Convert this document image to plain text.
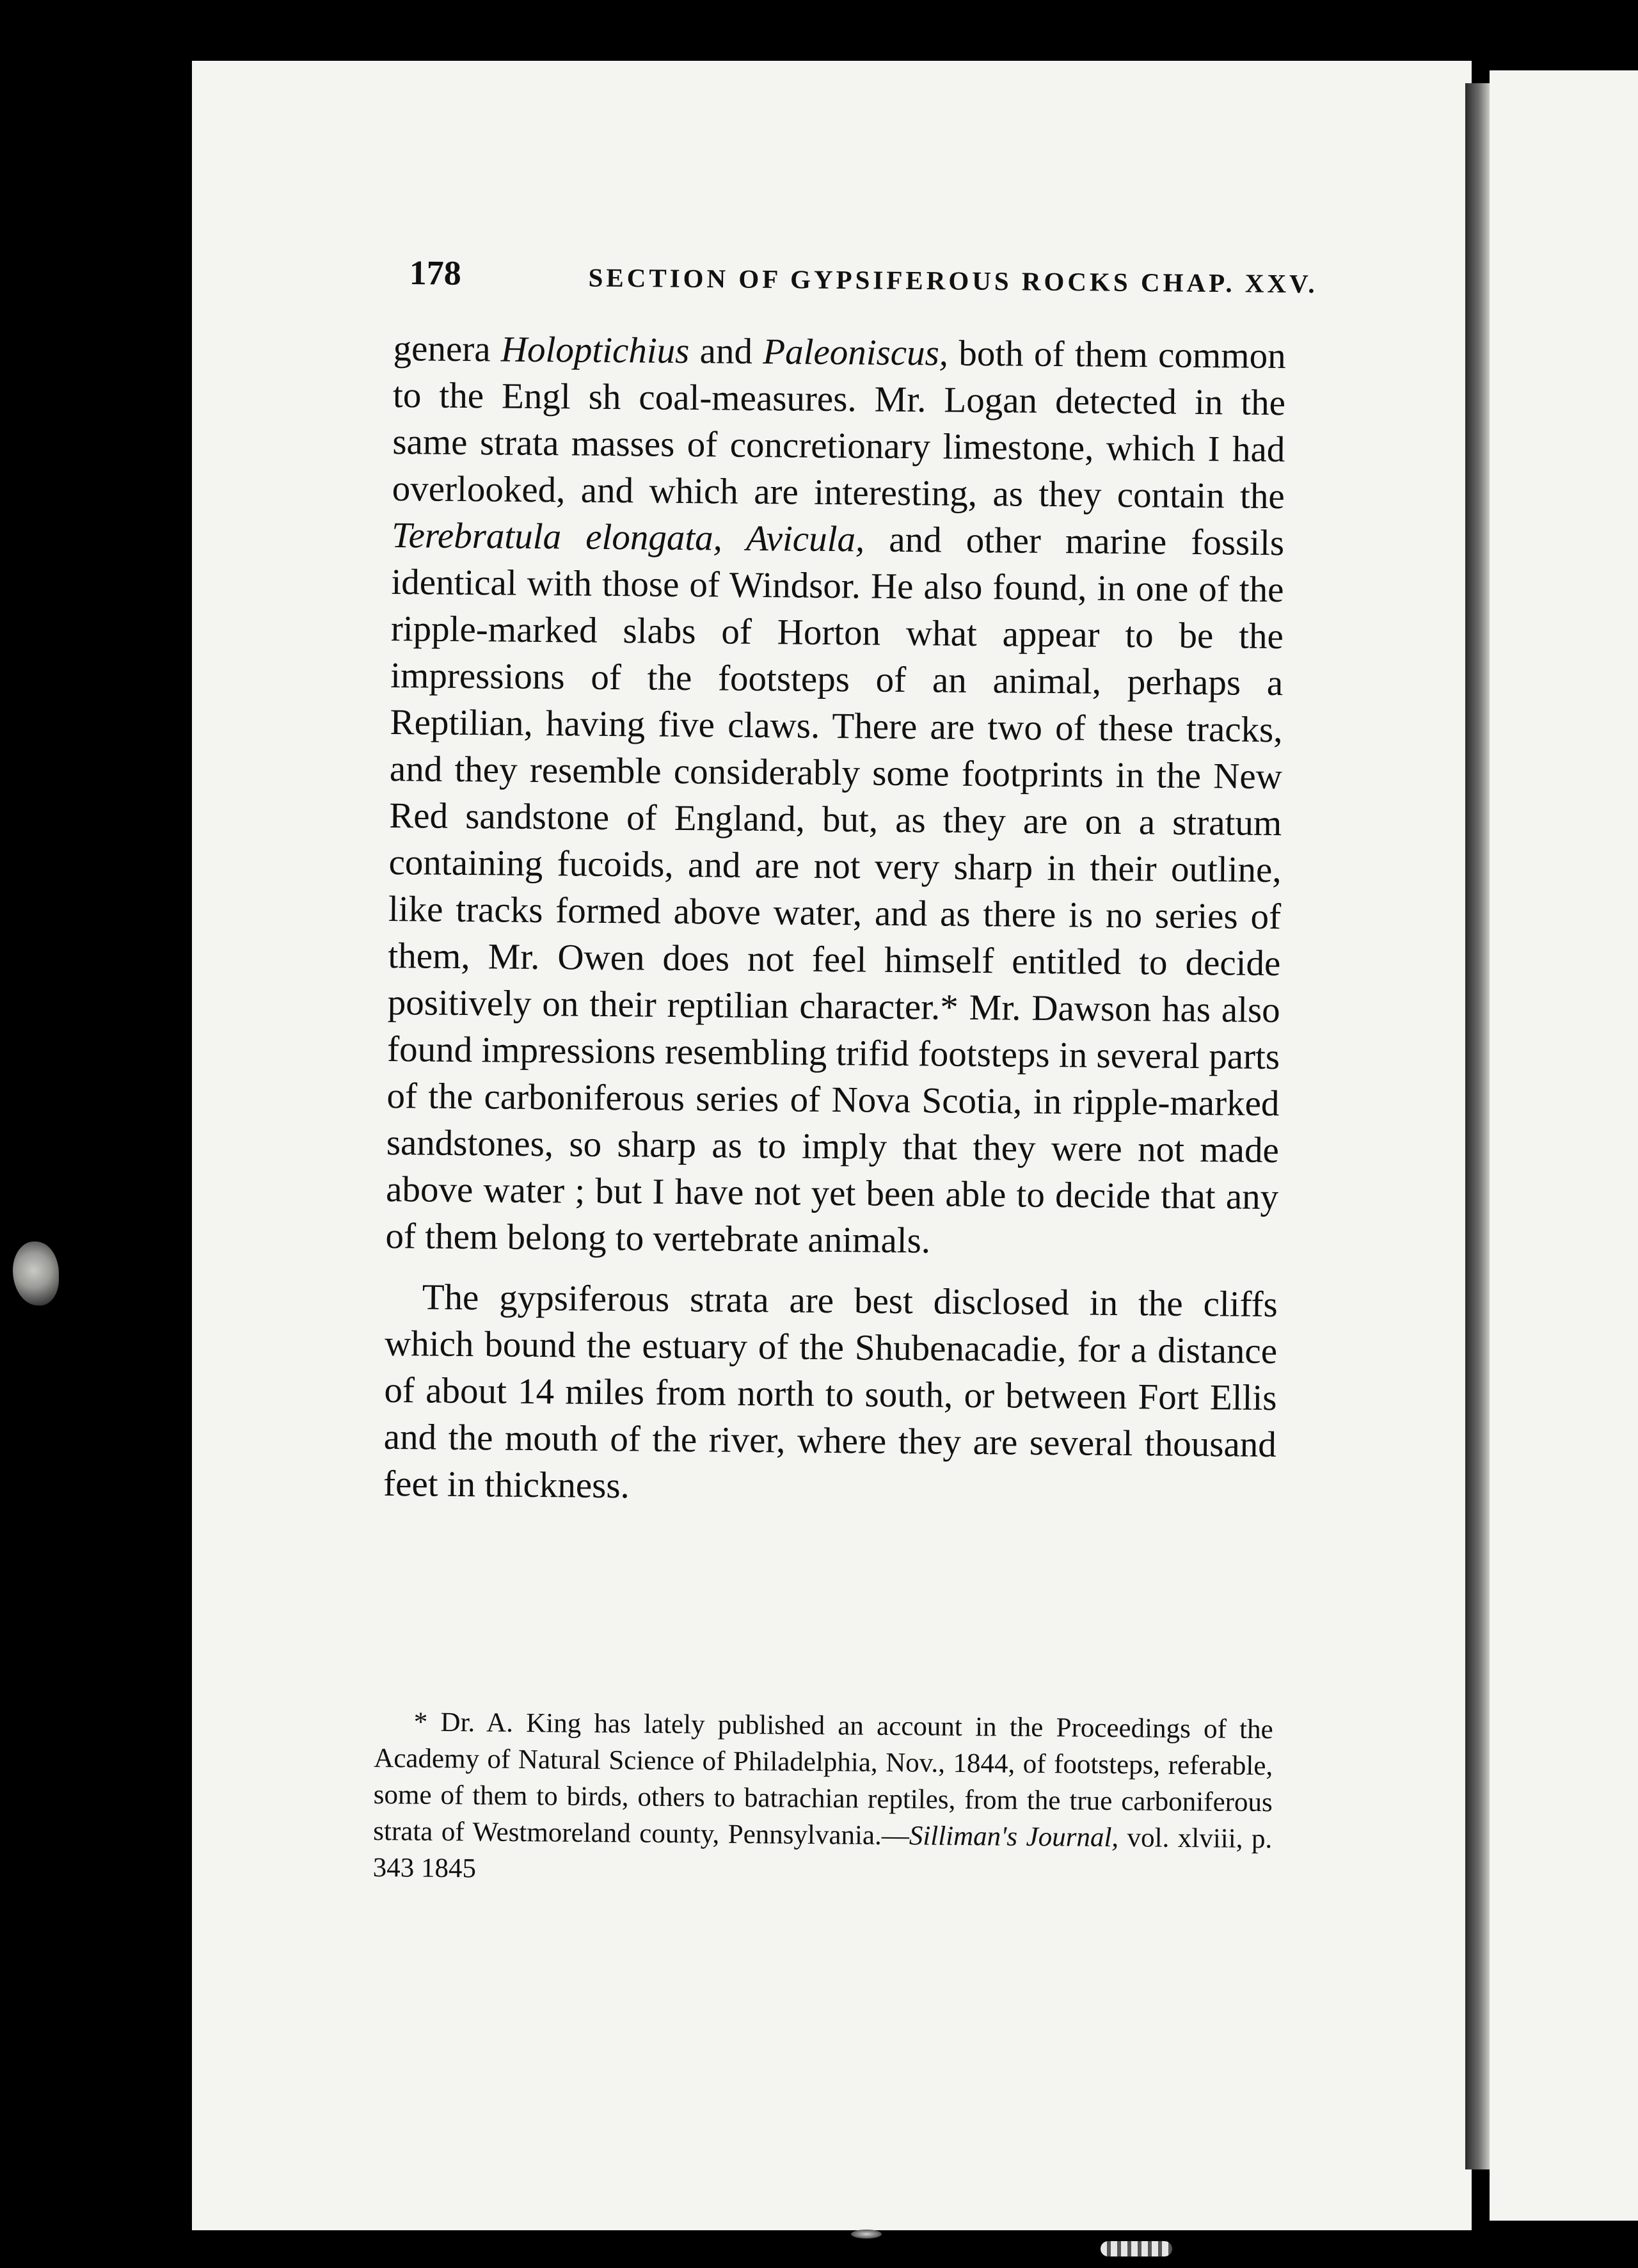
178	SECTION OF GYPSIFEROUS ROCKS CHAP. XXV.

genera Holoptichius and Paleoniscus, both of them common to the Engl sh coal-measures. Mr. Logan detected in the same strata masses of concretionary limestone, which I had overlooked, and which are interesting, as they contain the Terebratula elongata, Avicula, and other marine fossils identical with those of Windsor. He also found, in one of the ripple-marked slabs of Horton what appear to be the impressions of the footsteps of an animal, perhaps a Reptilian, having five claws. There are two of these tracks, and they resemble considerably some footprints in the New Red sandstone of England, but, as they are on a stratum containing fucoids, and are not very sharp in their outline, like tracks formed above water, and as there is no series of them, Mr. Owen does not feel himself entitled to decide positively on their reptilian character.* Mr. Dawson has also found impressions resembling trifid footsteps in several parts of the carboniferous series of Nova Scotia, in ripple-marked sandstones, so sharp as to imply that they were not made above water ; but I have not yet been able to decide that any of them belong to vertebrate animals.

The gypsiferous strata are best disclosed in the cliffs which bound the estuary of the Shubenacadie, for a distance of about 14 miles from north to south, or between Fort Ellis and the mouth of the river, where they are several thousand feet in thickness.

* Dr. A. King has lately published an account in the Proceedings of the Academy of Natural Science of Philadelphia, Nov., 1844, of footsteps, referable, some of them to birds, others to batrachian reptiles, from the true carboniferous strata of Westmoreland county, Pennsylvania.—Silliman's Journal, vol. xlviii, p. 343 1845
